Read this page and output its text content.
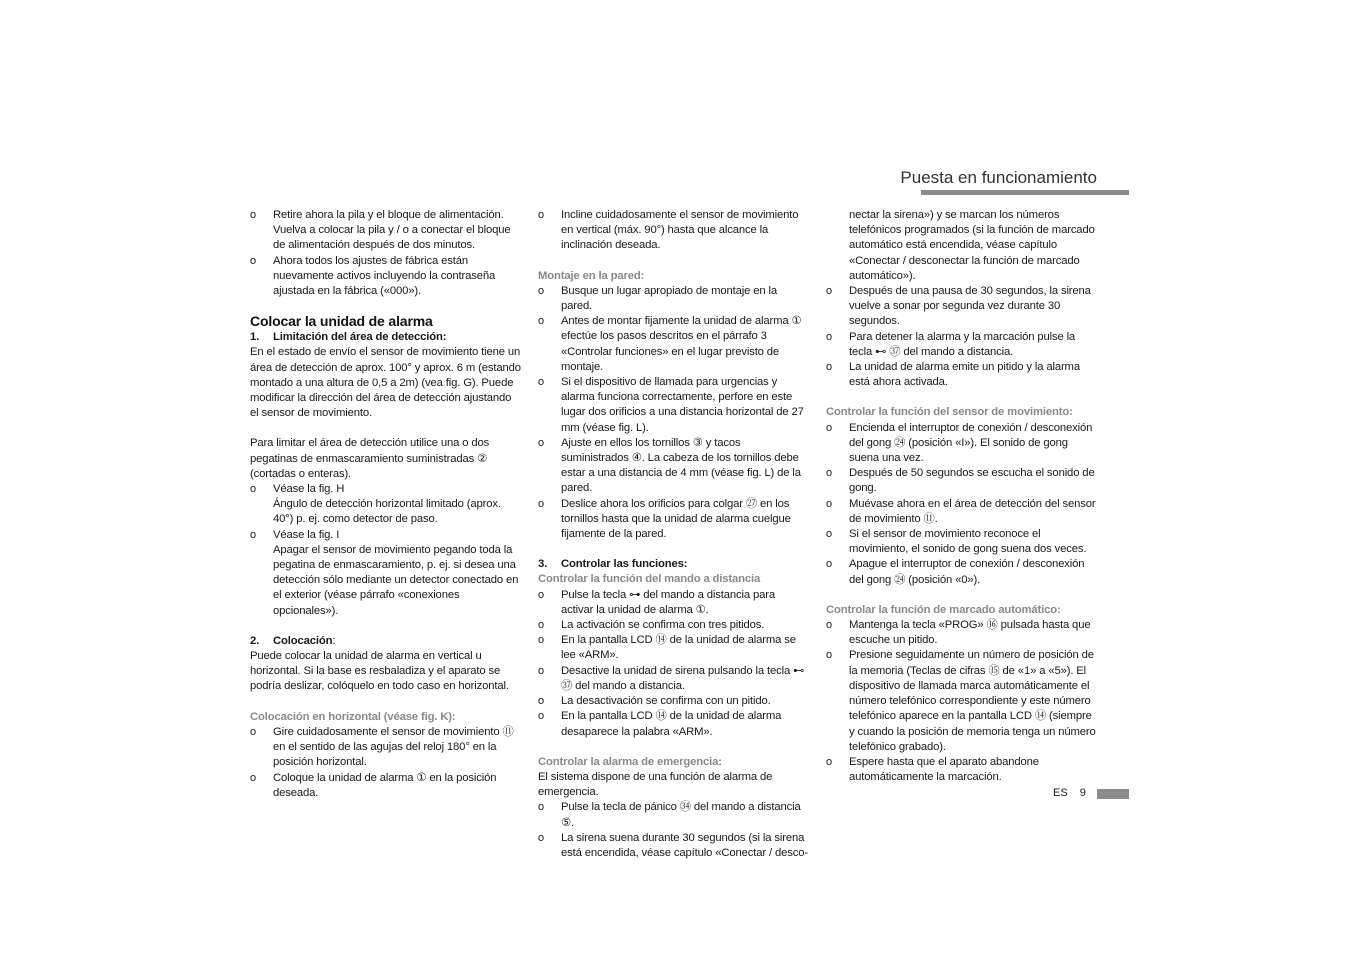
Puesta en funcionamiento
o Retire ahora la pila y el bloque de alimentación. Vuelva a colocar la pila y / o a conectar el bloque de alimentación después de dos minutos.

o Ahora todos los ajustes de fábrica están nuevamente activos incluyendo la contraseña ajustada en la fábrica («000»).

Colocar la unidad de alarma

1. Limitación del área de detección:

En el estado de envío el sensor de movimiento tiene un área de detección de aprox. 100° y aprox. 6 m (estando montado a una altura de 0,5 a 2m) (vea fig. G). Puede modificar la dirección del área de detección ajustando el sensor de movimiento.

Para limitar el área de detección utilice una o dos pegatinas de enmascaramiento suministradas ② (cortadas o enteras).

o Véase la fig. H

Ángulo de detección horizontal limitado (aprox. 40°) p. ej. como detector de paso.

o Véase la fig. I

Apagar el sensor de movimiento pegando toda la pegatina de enmascaramiento, p. ej. si desea una detección sólo mediante un detector conectado en el exterior (véase párrafo «conexiones opcionales»).

2. Colocación:

Puede colocar la unidad de alarma en vertical u horizontal. Si la base es resbaladiza y el aparato se podría deslizar, colóquelo en todo caso en horizontal.

Colocación en horizontal (véase fig. K):

o Gire cuidadosamente el sensor de movimiento ⑪ en el sentido de las agujas del reloj 180° en la posición horizontal.

o Coloque la unidad de alarma ① en la posición deseada.

o Incline cuidadosamente el sensor de movimiento en vertical (máx. 90°) hasta que alcance la inclinación deseada.

Montaje en la pared:

o Busque un lugar apropiado de montaje en la pared.

o Antes de montar fijamente la unidad de alarma ① efectúe los pasos descritos en el párrafo 3 «Controlar funciones» en el lugar previsto de montaje.

o Si el dispositivo de llamada para urgencias y alarma funciona correctamente, perfore en este lugar dos orificios a una distancia horizontal de 27 mm (véase fig. L).

o Ajuste en ellos los tornillos ③ y tacos suministrados ④. La cabeza de los tornillos debe estar a una distancia de 4 mm (véase fig. L) de la pared.

o Deslice ahora los orificios para colgar ㉗ en los tornillos hasta que la unidad de alarma cuelgue fijamente de la pared.

3. Controlar las funciones:

Controlar la función del mando a distancia

o Pulse la tecla ⊶ del mando a distancia para activar la unidad de alarma ①.

o La activación se confirma con tres pitidos.

o En la pantalla LCD ⑭ de la unidad de alarma se lee «ARM».

o Desactive la unidad de sirena pulsando la tecla ⊷ ㊲ del mando a distancia.

o La desactivación se confirma con un pitido.

o En la pantalla LCD ⑭ de la unidad de alarma desaparece la palabra «ARM».

Controlar la alarma de emergencia:

El sistema dispone de una función de alarma de emergencia.

o Pulse la tecla de pánico ㉞ del mando a distancia ⑤.

o La sirena suena durante 30 segundos (si la sirena está encendida, véase capítulo «Conectar / desco-

nectar la sirena») y se marcan los números telefónicos programados (si la función de marcado automático está encendida, véase capítulo «Conectar / desconectar la función de marcado automático»).

o Después de una pausa de 30 segundos, la sirena vuelve a sonar por segunda vez durante 30 segundos.

o Para detener la alarma y la marcación pulse la tecla ⊷ ㊲ del mando a distancia.

o La unidad de alarma emite un pitido y la alarma está ahora activada.

Controlar la función del sensor de movimiento:

o Encienda el interruptor de conexión / desconexión del gong ㉔ (posición «I»). El sonido de gong suena una vez.

o Después de 50 segundos se escucha el sonido de gong.

o Muévase ahora en el área de detección del sensor de movimiento ⑪.

o Si el sensor de movimiento reconoce el movimiento, el sonido de gong suena dos veces.

o Apague el interruptor de conexión / desconexión del gong ㉔ (posición «0»).

Controlar la función de marcado automático:

o Mantenga la tecla «PROG» ⑯ pulsada hasta que escuche un pitido.

o Presione seguidamente un número de posición de la memoria (Teclas de cifras ⑮ de «1» a «5»). El dispositivo de llamada marca automáticamente el número telefónico correspondiente y este número telefónico aparece en la pantalla LCD ⑭ (siempre y cuando la posición de memoria tenga un número telefónico grabado).

o Espere hasta que el aparato abandone automáticamente la marcación.

ES 9
